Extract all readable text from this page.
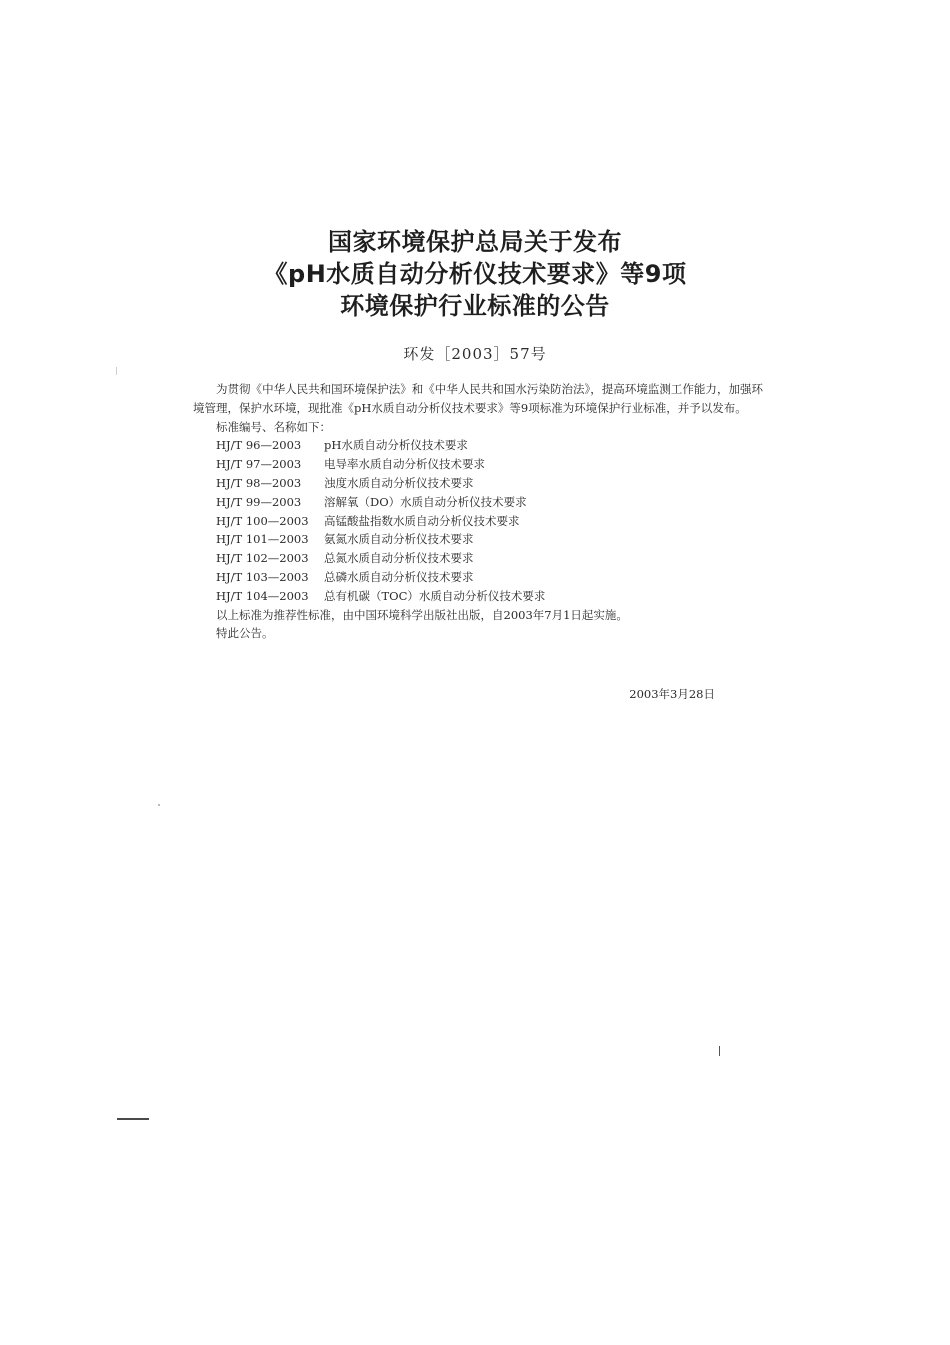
国家环境保护总局关于发布
《pH水质自动分析仪技术要求》等9项
环境保护行业标准的公告
环发［2003］57号

为贯彻《中华人民共和国环境保护法》和《中华人民共和国水污染防治法》，提高环境监测工作能力，加强环境管理，保护水环境，现批准《pH水质自动分析仪技术要求》等9项标准为环境保护行业标准，并予以发布。

标准编号、名称如下：

HJ/T 96—2003 pH水质自动分析仪技术要求
HJ/T 97—2003 电导率水质自动分析仪技术要求
HJ/T 98—2003 浊度水质自动分析仪技术要求
HJ/T 99—2003 溶解氧（DO）水质自动分析仪技术要求
HJ/T 100—2003 高锰酸盐指数水质自动分析仪技术要求
HJ/T 101—2003 氨氮水质自动分析仪技术要求
HJ/T 102—2003 总氮水质自动分析仪技术要求
HJ/T 103—2003 总磷水质自动分析仪技术要求
HJ/T 104—2003 总有机碳（TOC）水质自动分析仪技术要求

以上标准为推荐性标准，由中国环境科学出版社出版，自2003年7月1日起实施。

特此公告。

2003年3月28日
